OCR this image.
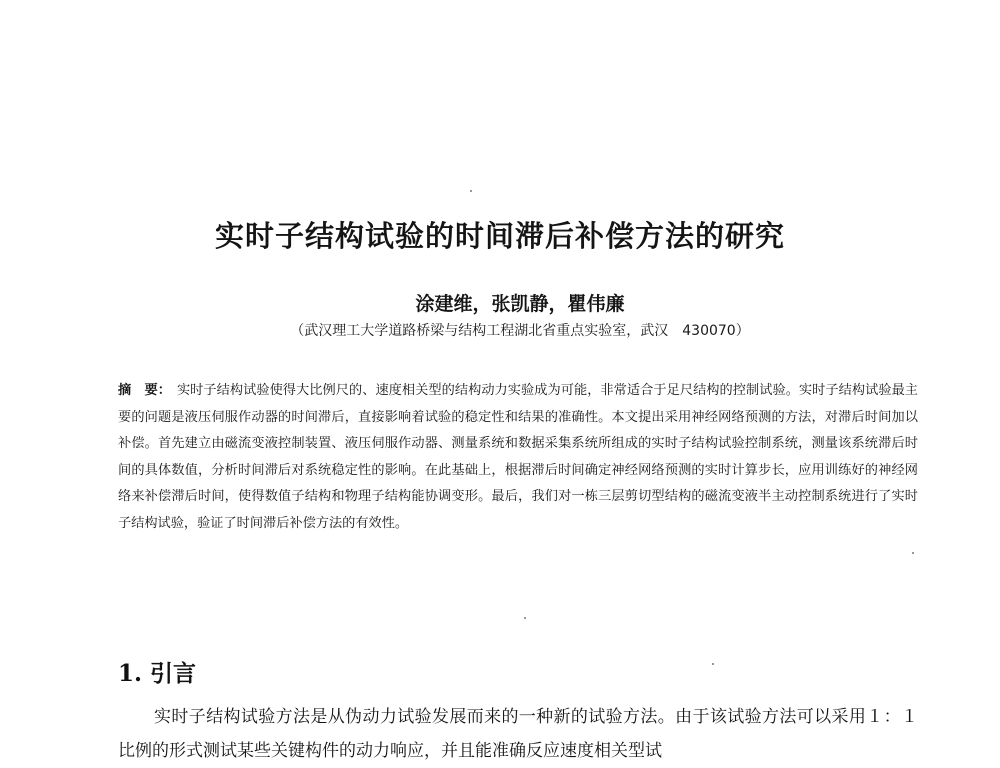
实时子结构试验的时间滞后补偿方法的研究
涂建维，张凯静，瞿伟廉
（武汉理工大学道路桥梁与结构工程湖北省重点实验室，武汉　430070）
摘　要： 实时子结构试验使得大比例尺的、速度相关型的结构动力实验成为可能，非常适合于足尺结构的控制试验。实时子结构试验最主要的问题是液压伺服作动器的时间滞后，直接影响着试验的稳定性和结果的准确性。本文提出采用神经网络预测的方法，对滞后时间加以补偿。首先建立由磁流变液控制装置、液压伺服作动器、测量系统和数据采集系统所组成的实时子结构试验控制系统，测量该系统滞后时间的具体数值，分析时间滞后对系统稳定性的影响。在此基础上，根据滞后时间确定神经网络预测的实时计算步长，应用训练好的神经网络来补偿滞后时间，使得数值子结构和物理子结构能协调变形。最后，我们对一栋三层剪切型结构的磁流变液半主动控制系统进行了实时子结构试验，验证了时间滞后补偿方法的有效性。
1. 引言
实时子结构试验方法是从伪动力试验发展而来的一种新的试验方法。由于该试验方法可以采用１：１比例的形式测试某些关键构件的动力响应，并且能准确反应速度相关型试
